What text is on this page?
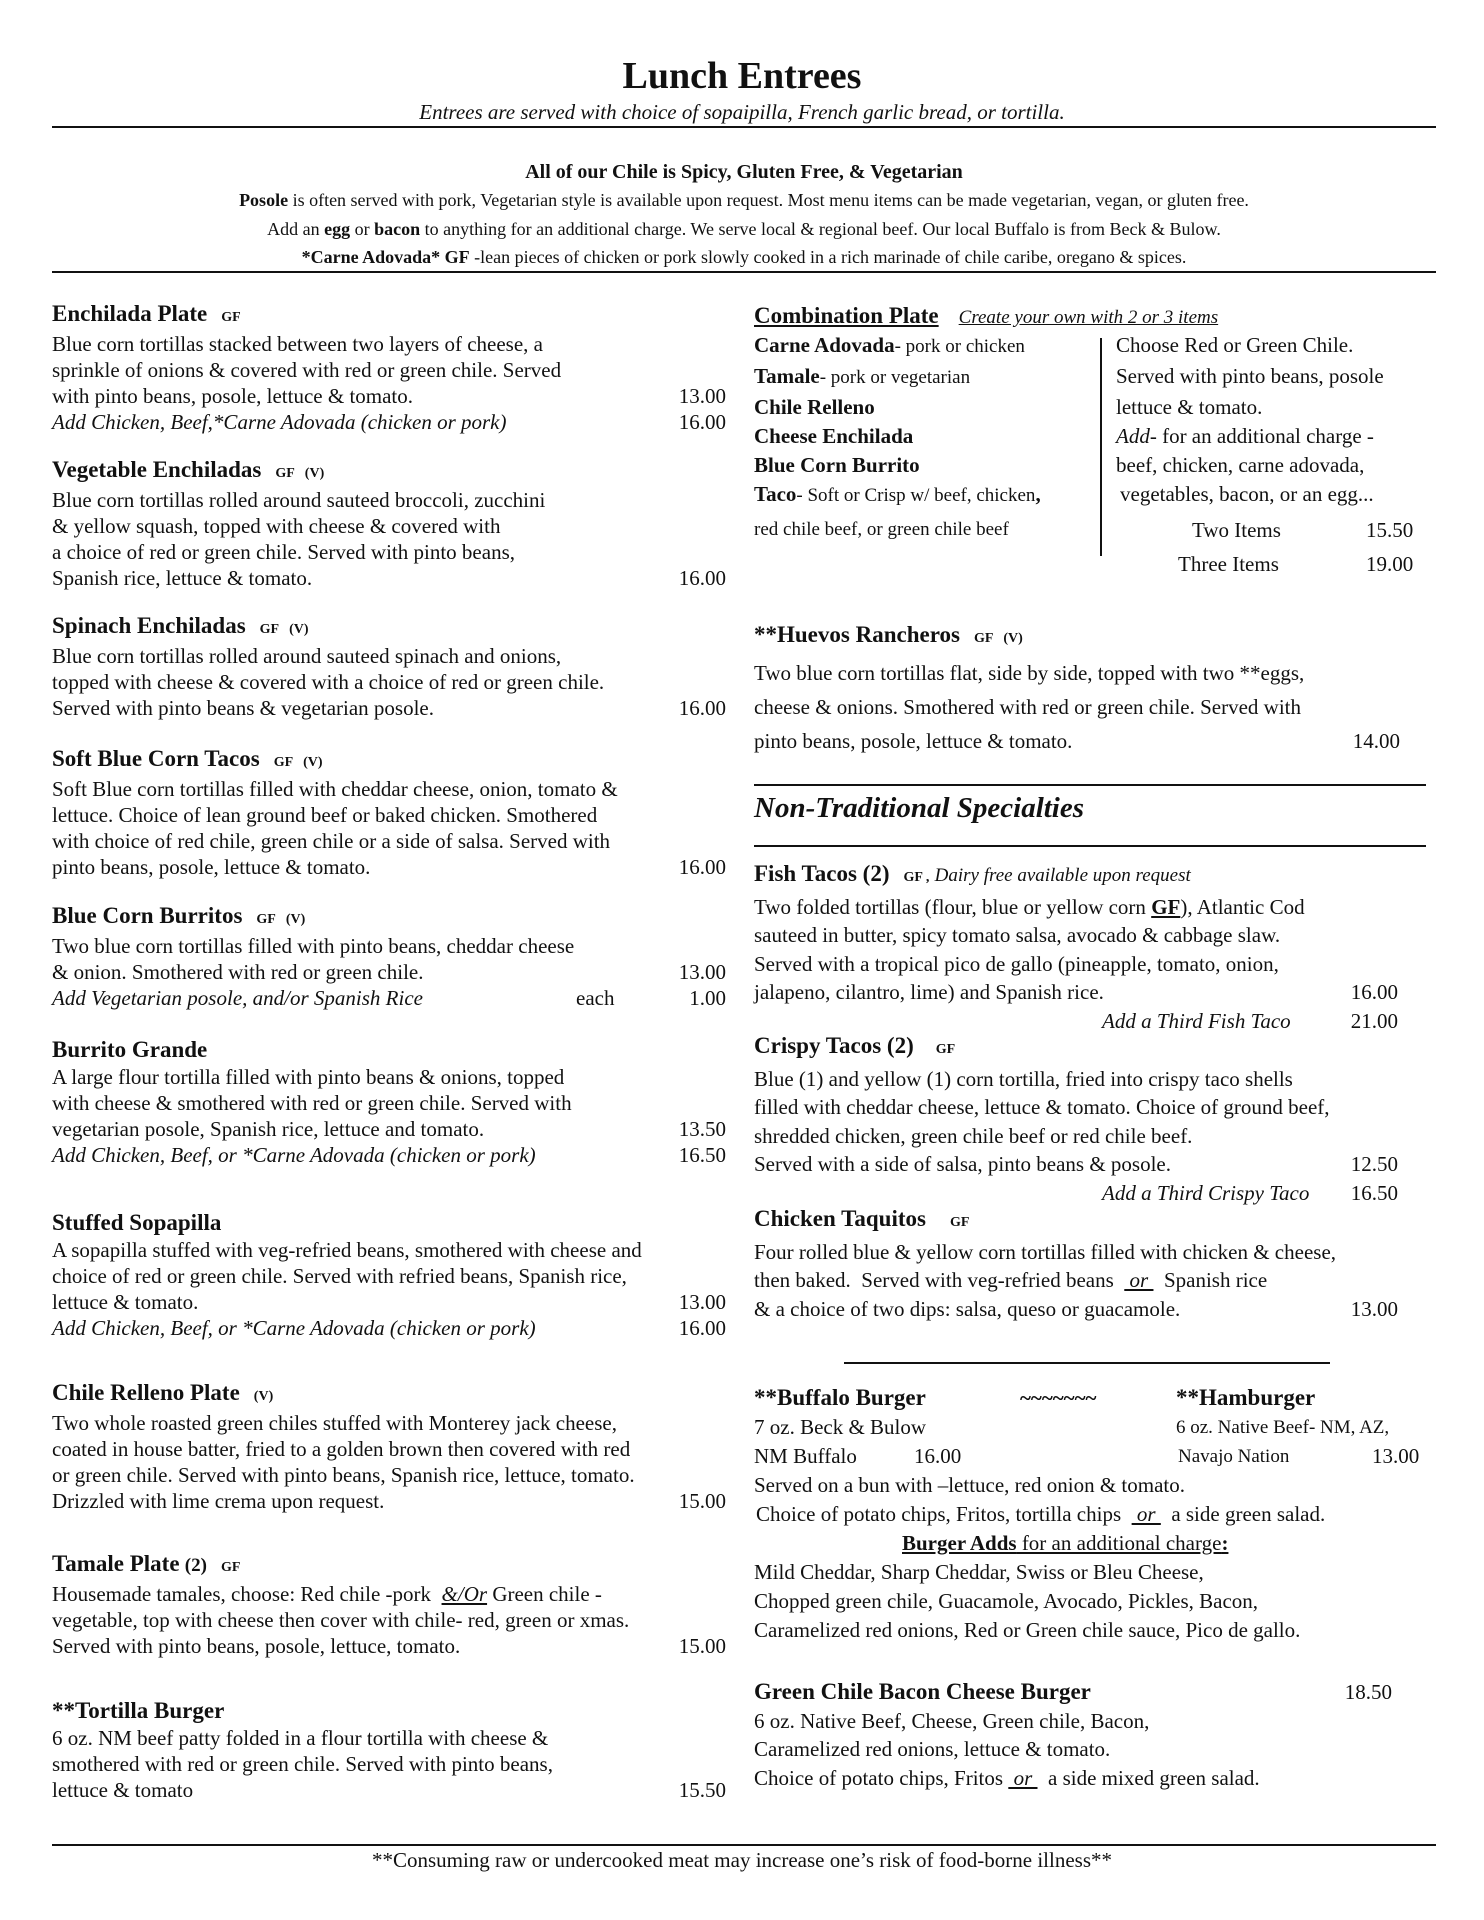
Lunch Entrees
Entrees are served with choice of sopaipilla, French garlic bread, or tortilla.
All of our Chile is Spicy, Gluten Free, & Vegetarian
Posole is often served with pork, Vegetarian style is available upon request. Most menu items can be made vegetarian, vegan, or gluten free.
Add an egg or bacon to anything for an additional charge. We serve local & regional beef. Our local Buffalo is from Beck & Bulow.
*Carne Adovada* GF -lean pieces of chicken or pork slowly cooked in a rich marinade of chile caribe, oregano & spices.
Enchilada Plate GF
Blue corn tortillas stacked between two layers of cheese, a
sprinkle of onions & covered with red or green chile. Served
with pinto beans, posole, lettuce & tomato.	13.00
Add Chicken, Beef,*Carne Adovada (chicken or pork)	16.00
Vegetable Enchiladas GF   (V)
Blue corn tortillas rolled around sauteed broccoli, zucchini
& yellow squash, topped with cheese & covered with
a choice of red or green chile. Served with pinto beans,
Spanish rice, lettuce & tomato.	16.00
Spinach Enchiladas GF   (V)
Blue corn tortillas rolled around sauteed spinach and onions,
topped with cheese & covered with a choice of red or green chile.
Served with pinto beans & vegetarian posole.	16.00
Soft Blue Corn Tacos GF   (V)
Soft Blue corn tortillas filled with cheddar cheese, onion, tomato &
lettuce. Choice of lean ground beef or baked chicken. Smothered
with choice of red chile, green chile or a side of salsa. Served with
pinto beans, posole, lettuce & tomato.	16.00
Blue Corn Burritos GF   (V)
Two blue corn tortillas filled with pinto beans, cheddar cheese
& onion. Smothered with red or green chile.	13.00
Add Vegetarian posole, and/or Spanish Rice	each	1.00
Burrito Grande
A large flour tortilla filled with pinto beans & onions, topped
with cheese & smothered with red or green chile. Served with
vegetarian posole, Spanish rice, lettuce and tomato.	13.50
Add Chicken, Beef, or *Carne Adovada (chicken or pork)	16.50
Stuffed Sopapilla
A sopapilla stuffed with veg-refried beans, smothered with cheese and
choice of red or green chile. Served with refried beans, Spanish rice,
lettuce & tomato.	13.00
Add Chicken, Beef, or *Carne Adovada (chicken or pork)	16.00
Chile Relleno Plate (V)
Two whole roasted green chiles stuffed with Monterey jack cheese,
coated in house batter, fried to a golden brown then covered with red
or green chile. Served with pinto beans, Spanish rice, lettuce, tomato.
Drizzled with lime crema upon request.	15.00
Tamale Plate (2) GF
Housemade tamales, choose: Red chile -pork  &/Or Green chile -
vegetable, top with cheese then cover with chile- red, green or xmas.
Served with pinto beans, posole, lettuce, tomato.	15.00
**Tortilla Burger
6 oz. NM beef patty folded in a flour tortilla with cheese &
smothered with red or green chile. Served with pinto beans,
lettuce & tomato	15.50
Combination Plate Create your own with 2 or 3 items
Carne Adovada- pork or chicken	Choose Red or Green Chile.
Tamale- pork or vegetarian	Served with pinto beans, posole
Chile Relleno	lettuce & tomato.
Cheese Enchilada	Add- for an additional charge -
Blue Corn Burrito	beef, chicken, carne adovada,
Taco- Soft or Crisp w/ beef, chicken,	vegetables, bacon, or an egg...
red chile beef, or green chile beef	Two Items	15.50
Three Items	19.00
**Huevos Rancheros GF   (V)
Two blue corn tortillas flat, side by side, topped with two **eggs,
cheese & onions. Smothered with red or green chile. Served with
pinto beans, posole, lettuce & tomato.	14.00
Non-Traditional Specialties
Fish Tacos (2) GF , Dairy free available upon request
Two folded tortillas (flour, blue or yellow corn GF), Atlantic Cod
sauteed in butter, spicy tomato salsa, avocado & cabbage slaw.
Served with a tropical pico de gallo (pineapple, tomato, onion,
jalapeno, cilantro, lime) and Spanish rice.	16.00
Add a Third Fish Taco	21.00

Crispy Tacos (2) GF
Blue (1) and yellow (1) corn tortilla, fried into crispy taco shells
filled with cheddar cheese, lettuce & tomato. Choice of ground beef,
shredded chicken, green chile beef or red chile beef.
Served with a side of salsa, pinto beans & posole.	12.50
Add a Third Crispy Taco 16.50

Chicken Taquitos GF
Four rolled blue & yellow corn tortillas filled with chicken & cheese,
then baked.  Served with veg-refried beans   or   Spanish rice
& a choice of two dips: salsa, queso or guacamole.	13.00
**Buffalo Burger	~~~~~~~	**Hamburger

7 oz. Beck & Bulow	6 oz. Native Beef- NM, AZ,
NM Buffalo	16.00	Navajo Nation	13.00
Served on a bun with –lettuce, red onion & tomato.
Choice of potato chips, Fritos, tortilla chips   or   a side green salad.
Burger Adds for an additional charge:
Mild Cheddar, Sharp Cheddar, Swiss or Bleu Cheese,
Chopped green chile, Guacamole, Avocado, Pickles, Bacon,
Caramelized red onions, Red or Green chile sauce, Pico de gallo.
Green Chile Bacon Cheese Burger	18.50
6 oz. Native Beef, Cheese, Green chile, Bacon,
Caramelized red onions, lettuce & tomato.
Choice of potato chips, Fritos  or   a side mixed green salad.
**Consuming raw or undercooked meat may increase one’s risk of food-borne illness**
